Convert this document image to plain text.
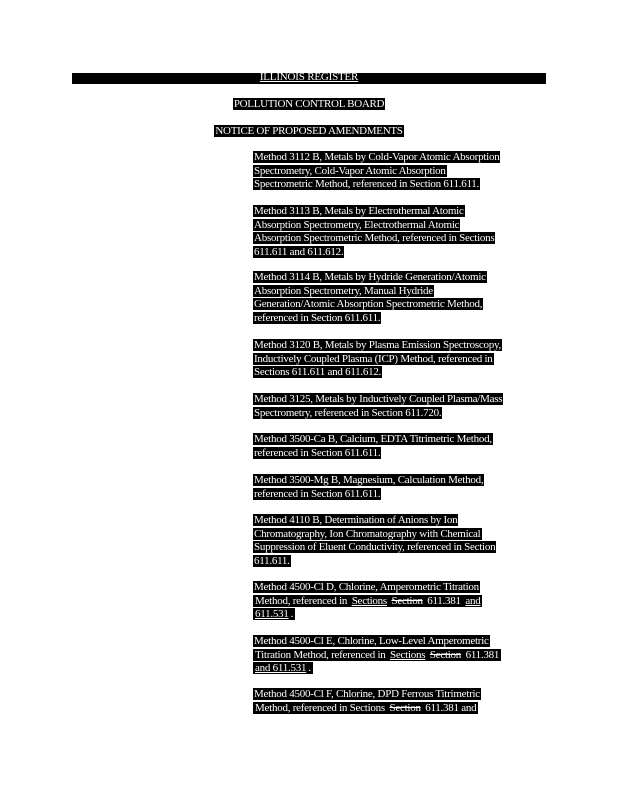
ILLINOIS REGISTER
POLLUTION CONTROL BOARD
NOTICE OF PROPOSED AMENDMENTS

Method 3112 B, Metals by Cold-Vapor Atomic Absorption
Spectrometry, Cold-Vapor Atomic Absorption
Spectrometric Method, referenced in Section 611.611.

Method 3113 B, Metals by Electrothermal Atomic
Absorption Spectrometry, Electrothermal Atomic
Absorption Spectrometric Method, referenced in Sections
611.611 and 611.612.

Method 3114 B, Metals by Hydride Generation/Atomic
Absorption Spectrometry, Manual Hydride
Generation/Atomic Absorption Spectrometric Method,
referenced in Section 611.611.

Method 3120 B, Metals by Plasma Emission Spectroscopy,
Inductively Coupled Plasma (ICP) Method, referenced in
Sections 611.611 and 611.612.

Method 3125, Metals by Inductively Coupled Plasma/Mass
Spectrometry, referenced in Section 611.720.

Method 3500-Ca B, Calcium, EDTA Titrimetric Method,
referenced in Section 611.611.

Method 3500-Mg B, Magnesium, Calculation Method,
referenced in Section 611.611.

Method 4110 B, Determination of Anions by Ion
Chromatography, Ion Chromatography with Chemical
Suppression of Eluent Conductivity, referenced in Section
611.611.

Method 4500-Cl D, Chlorine, Amperometric Titration
Method, referenced in Sections Section 611.381 and
611.531 .

Method 4500-Cl E, Chlorine, Low-Level Amperometric
Titration Method, referenced in Sections Section 611.381
and 611.531 .

Method 4500-Cl F, Chlorine, DPD Ferrous Titrimetric
Method, referenced in Sections Section 611.381 and
